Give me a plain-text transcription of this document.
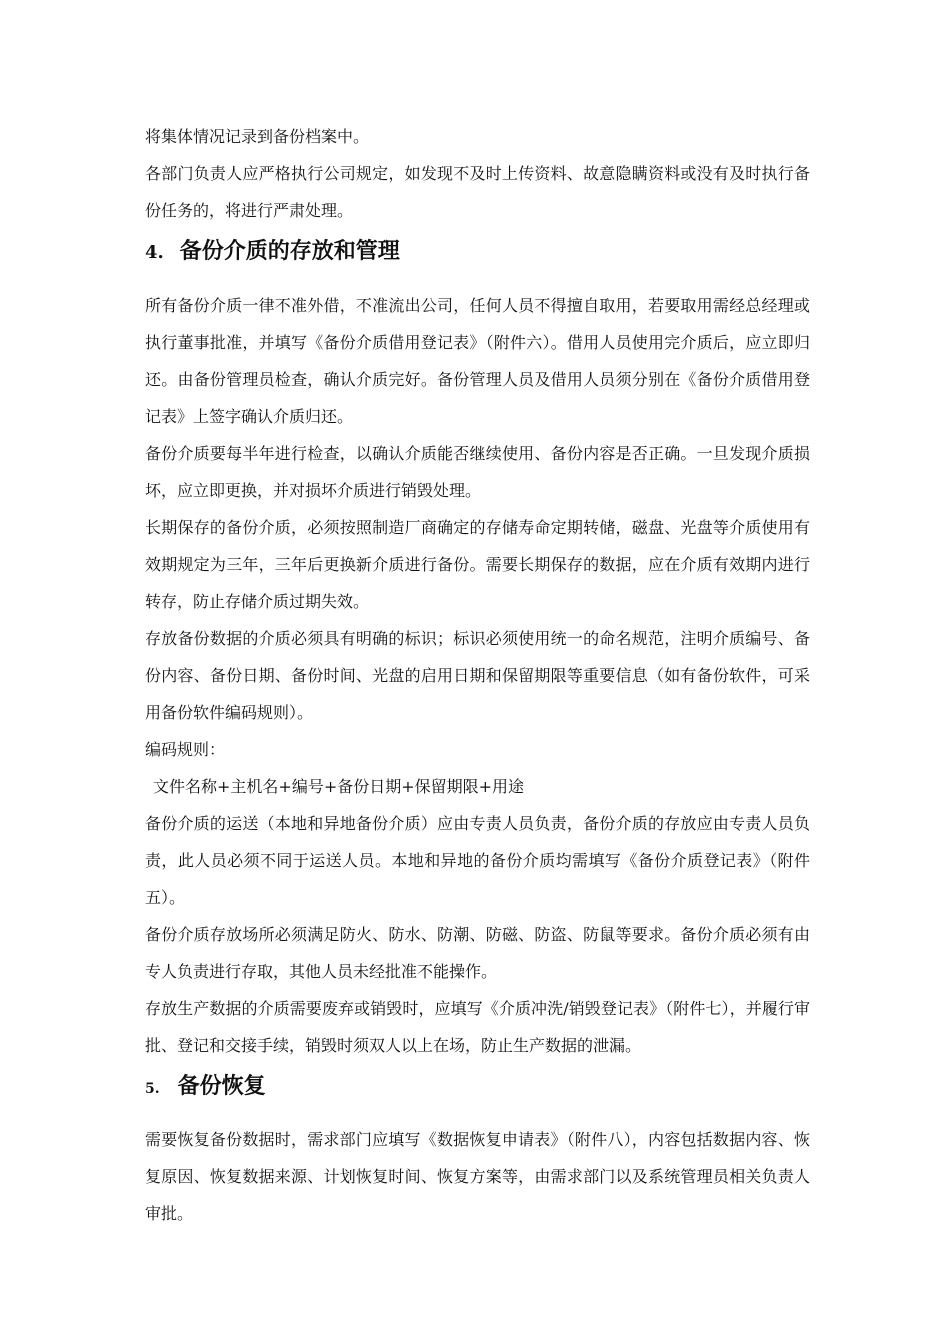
将集体情况记录到备份档案中。

各部门负责人应严格执行公司规定，如发现不及时上传资料、故意隐瞒资料或没有及时执行备份任务的，将进行严肃处理。

4. 备份介质的存放和管理

所有备份介质一律不准外借，不准流出公司，任何人员不得擅自取用，若要取用需经总经理或执行董事批准，并填写《备份介质借用登记表》（附件六）。借用人员使用完介质后，应立即归还。由备份管理员检查，确认介质完好。备份管理人员及借用人员须分别在《备份介质借用登记表》上签字确认介质归还。

备份介质要每半年进行检查，以确认介质能否继续使用、备份内容是否正确。一旦发现介质损坏，应立即更换，并对损坏介质进行销毁处理。

长期保存的备份介质，必须按照制造厂商确定的存储寿命定期转储，磁盘、光盘等介质使用有效期规定为三年，三年后更换新介质进行备份。需要长期保存的数据，应在介质有效期内进行转存，防止存储介质过期失效。

存放备份数据的介质必须具有明确的标识；标识必须使用统一的命名规范，注明介质编号、备份内容、备份日期、备份时间、光盘的启用日期和保留期限等重要信息（如有备份软件，可采用备份软件编码规则）。

编码规则：

文件名称+主机名+编号+备份日期+保留期限+用途

备份介质的运送（本地和异地备份介质）应由专责人员负责，备份介质的存放应由专责人员负责，此人员必须不同于运送人员。本地和异地的备份介质均需填写《备份介质登记表》（附件五）。

备份介质存放场所必须满足防火、防水、防潮、防磁、防盗、防鼠等要求。备份介质必须有由专人负责进行存取，其他人员未经批准不能操作。

存放生产数据的介质需要废弃或销毁时，应填写《介质冲洗/销毁登记表》（附件七），并履行审批、登记和交接手续，销毁时须双人以上在场，防止生产数据的泄漏。

5. 备份恢复

需要恢复备份数据时，需求部门应填写《数据恢复申请表》（附件八），内容包括数据内容、恢复原因、恢复数据来源、计划恢复时间、恢复方案等，由需求部门以及系统管理员相关负责人审批。
